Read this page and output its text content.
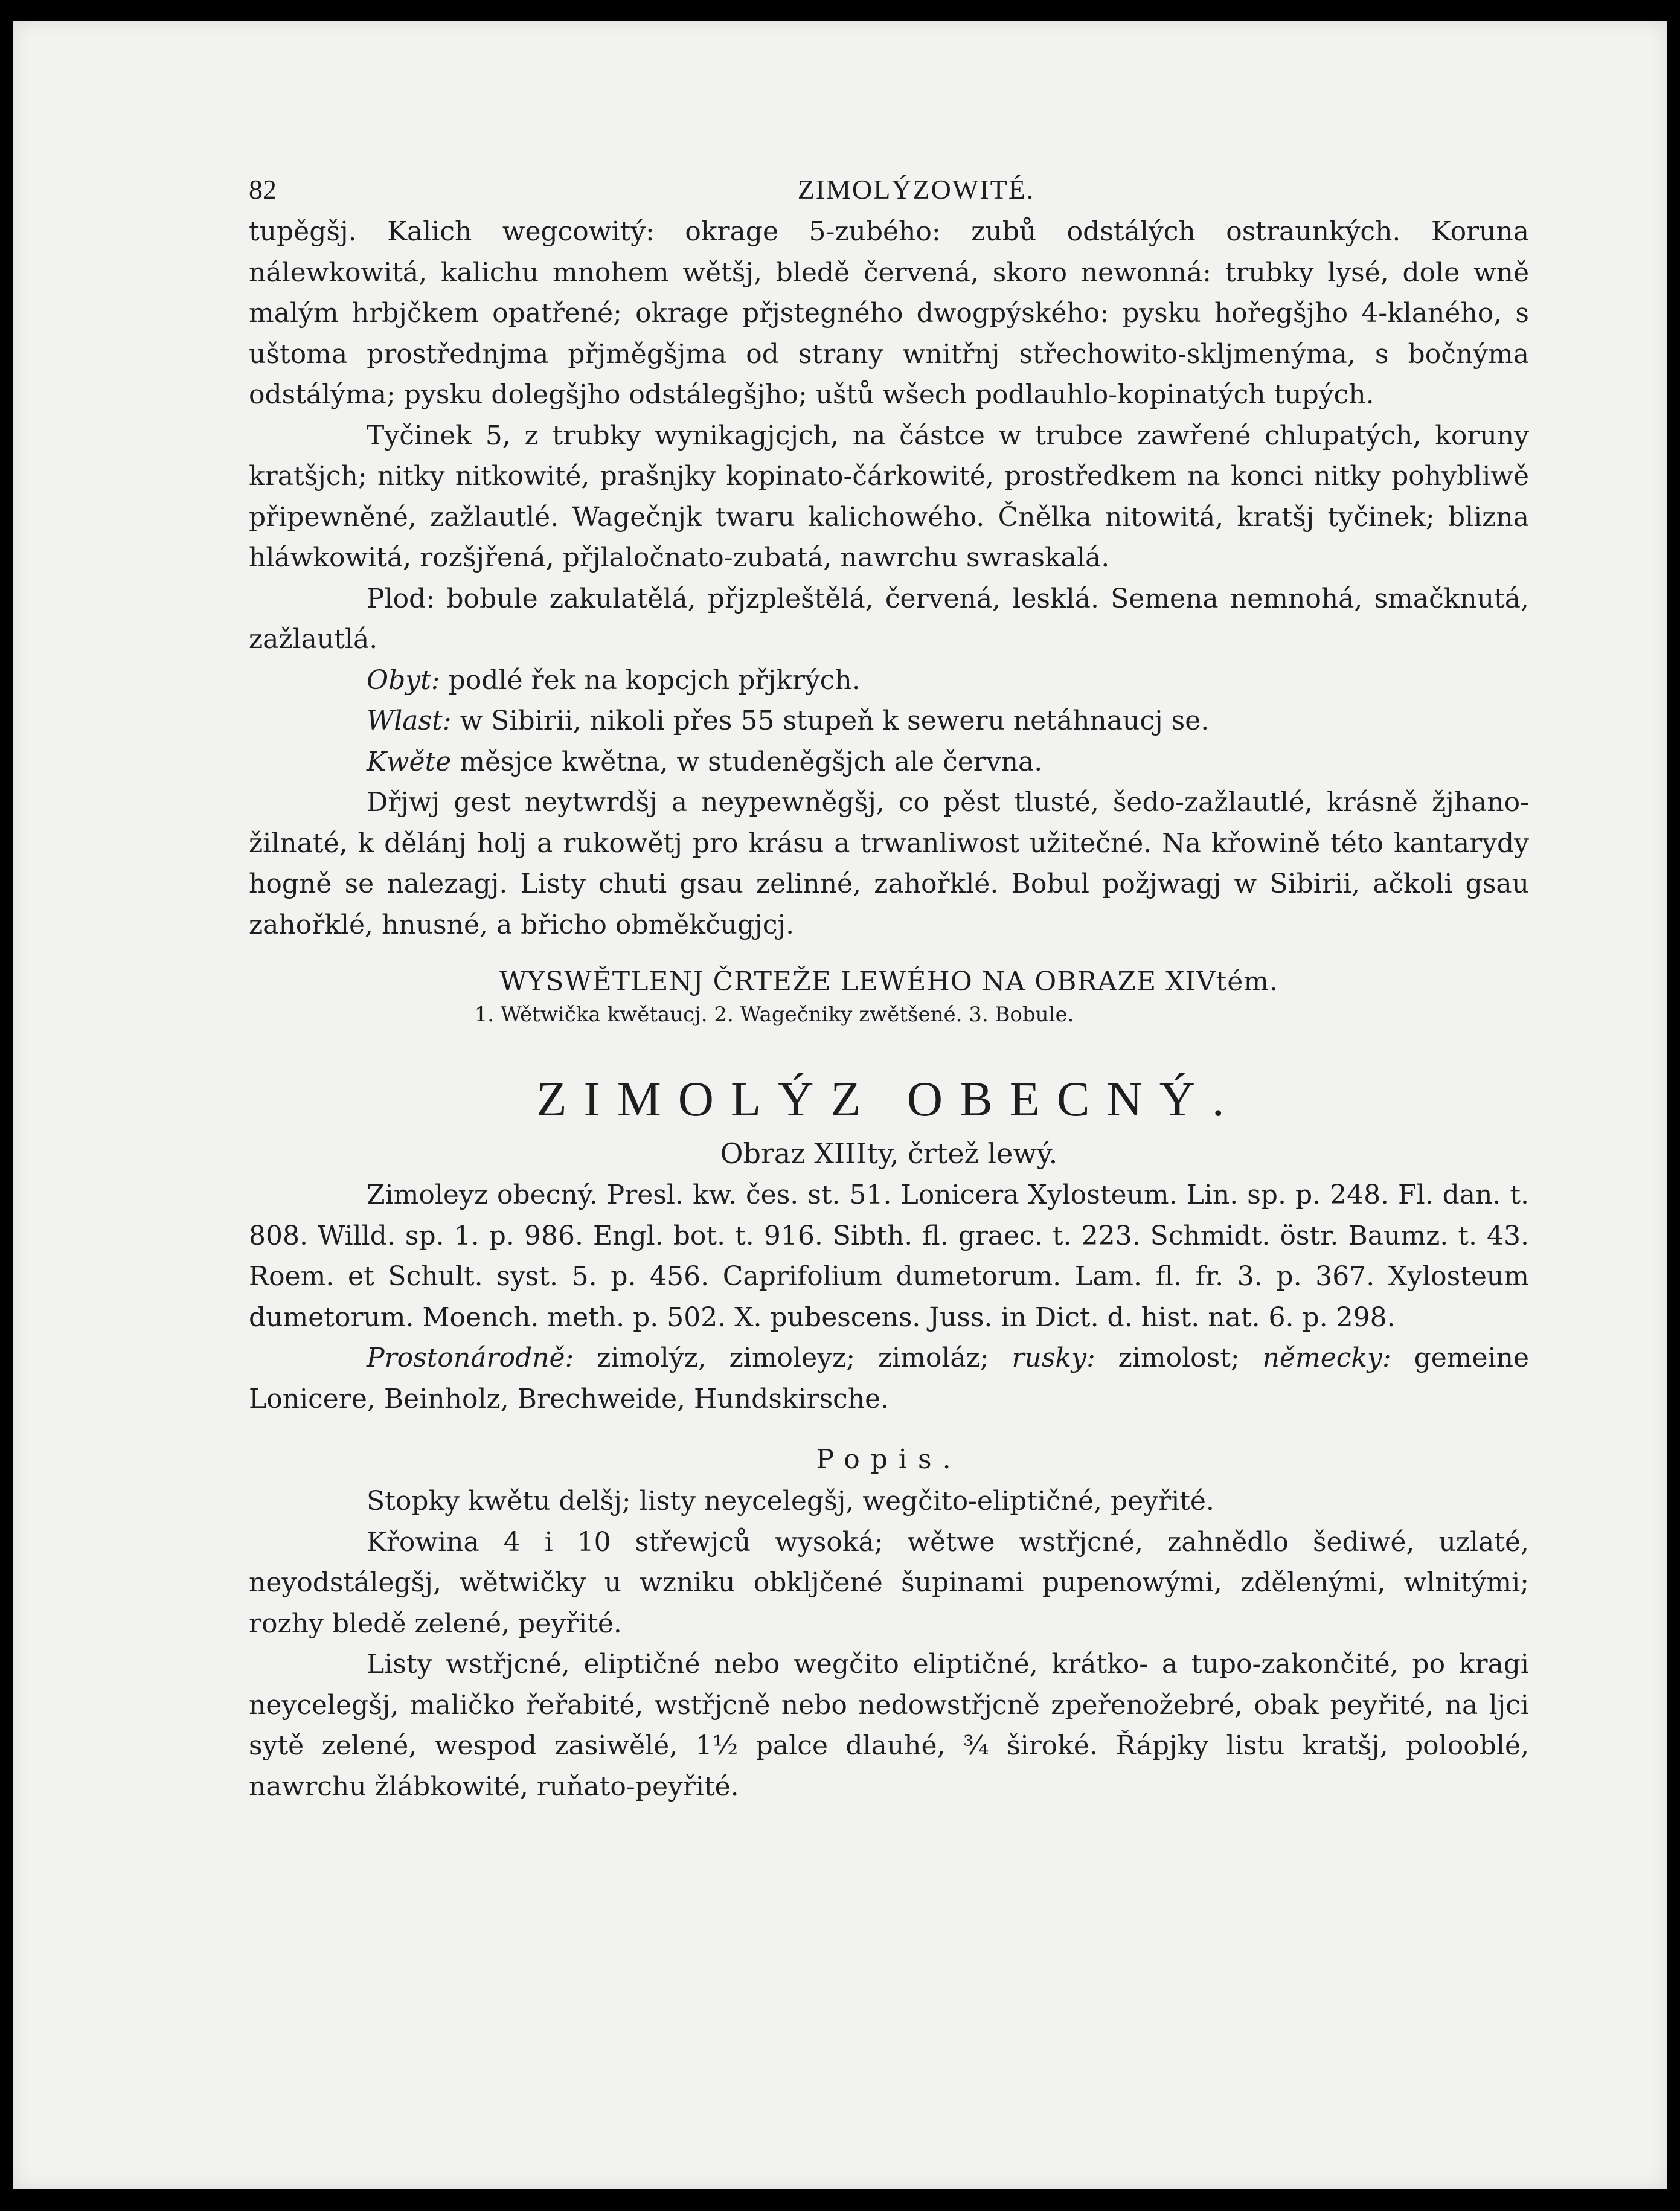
82	ZIMOLÝZOWITÉ.

tupěgšj. Kalich wegcowitý: okrage 5-zubého: zubů odstálých ostraunkých. Koruna nálewkowitá, kalichu mnohem wětšj, bledě červená, skoro newonná: trubky lysé, dole wně malým hrbjčkem opatřené; okrage přjstegného dwogpýského: pysku hořegšjho 4-klaného, s uštoma prostřednjma přjměgšjma od strany wnitřnj střechowito-skljmenýma, s bočnýma odstálýma; pysku dolegšjho odstálegšjho; uštů wšech podlauhlo-kopinatých tupých.

Tyčinek 5, z trubky wynikagjcjch, na částce w trubce zawřené chlupatých, koruny kratšjch; nitky nitkowité, prašnjky kopinato-čárkowité, prostředkem na konci nitky pohybliwě připewněné, zažlautlé. Wagečnjk twaru kalichowého. Čnělka nitowitá, kratšj tyčinek; blizna hláwkowitá, rozšjřená, přjlaločnato-zubatá, nawrchu swraskalá.

Plod: bobule zakulatělá, přjzpleštělá, červená, lesklá. Semena nemnohá, smačknutá, zažlautlá.

Obyt: podlé řek na kopcjch přjkrých.

Wlast: w Sibirii, nikoli přes 55 stupeň k seweru netáhnaucj se.

Kwěte měsjce kwětna, w studeněgšjch ale června.

Dřjwj gest neytwrdšj a neypewněgšj, co pěst tlusté, šedo-zažlautlé, krásně žjhano-žilnaté, k dělánj holj a rukowětj pro krásu a trwanliwost užitečné. Na křowině této kantarydy hogně se nalezagj. Listy chuti gsau zelinné, zahořklé. Bobul požjwagj w Sibirii, ačkoli gsau zahořklé, hnusné, a břicho obměkčugjcj.

WYSWĚTLENJ ČRTEŽE LEWÉHO NA OBRAZE XIVtém.
1. Wětwička kwětaucj. 2. Wagečniky zwětšené. 3. Bobule.
ZIMOLÝZ OBECNÝ.
Obraz XIIIty, črtež lewý.

Zimoleyz obecný. Presl. kw. čes. st. 51. Lonicera Xylosteum. Lin. sp. p. 248. Fl. dan. t. 808. Willd. sp. 1. p. 986. Engl. bot. t. 916. Sibth. fl. graec. t. 223. Schmidt. östr. Baumz. t. 43. Roem. et Schult. syst. 5. p. 456. Caprifolium dumetorum. Lam. fl. fr. 3. p. 367. Xylosteum dumetorum. Moench. meth. p. 502. X. pubescens. Juss. in Dict. d. hist. nat. 6. p. 298.

Prostonárodně: zimolýz, zimoleyz; zimoláz; rusky: zimolost; německy: gemeine Lonicere, Beinholz, Brechweide, Hundskirsche.

Popis.

Stopky kwětu delšj; listy neycelegšj, wegčito-eliptičné, peyřité.

Křowina 4 i 10 střewjců wysoká; wětwe wstřjcné, zahnědlo šediwé, uzlaté, neyodstálegšj, wětwičky u wzniku obkljčené šupinami pupenowými, zdělenými, wlnitými; rozhy bledě zelené, peyřité.

Listy wstřjcné, eliptičné nebo wegčito eliptičné, krátko- a tupo-zakončité, po kragi neycelegšj, maličko řeřabité, wstřjcně nebo nedowstřjcně zpeřenožebré, obak peyřité, na ljci sytě zelené, wespod zasiwělé, 1½ palce dlauhé, ¾ široké. Řápjky listu kratšj, polooblé, nawrchu žlábkowité, ruňato-peyřité.
